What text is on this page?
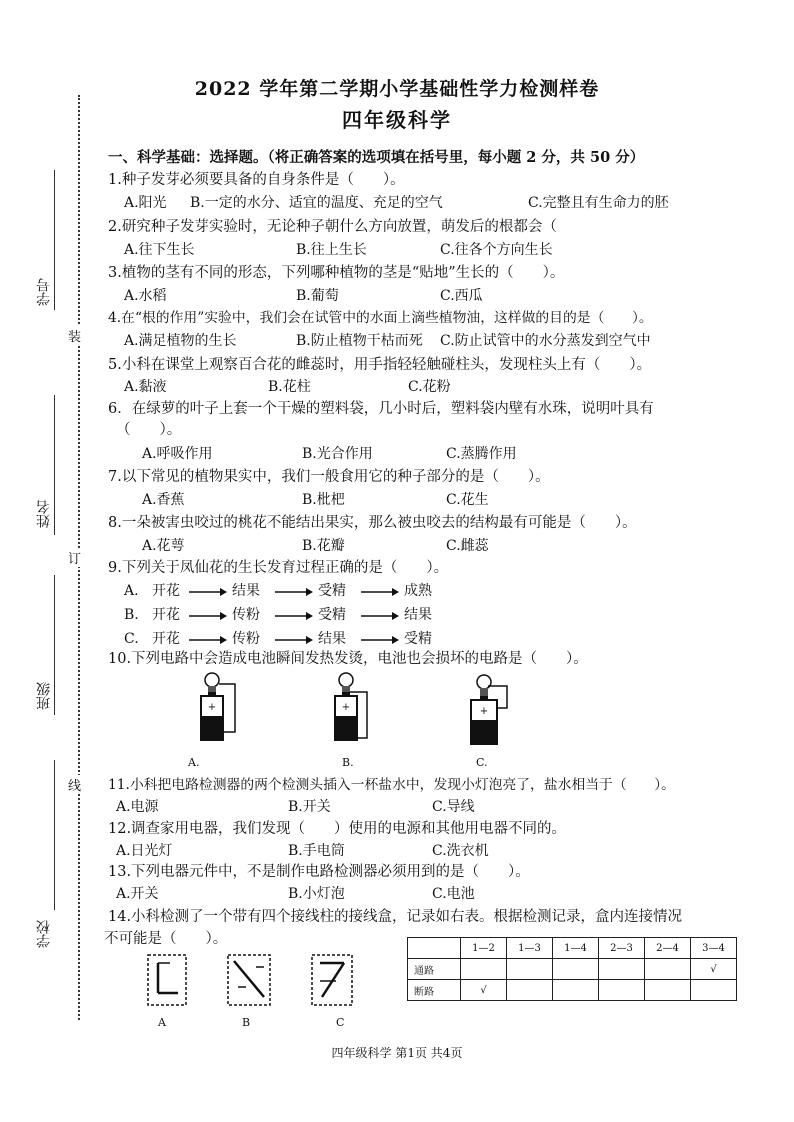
装
订
线
学号
姓名
班级
学校
2022 学年第二学期小学基础性学力检测样卷
四年级科学
一、科学基础：选择题。（将正确答案的选项填在括号里，每小题 2 分，共 50 分）
1.种子发芽必须要具备的自身条件是（　　）。
A.阳光 B.一定的水分、适宜的温度、充足的空气	C.完整且有生命力的胚
2.研究种子发芽实验时，无论种子朝什么方向放置，萌发后的根都会（
A.往下生长	B.往上生长	C.往各个方向生长
3.植物的茎有不同的形态，下列哪种植物的茎是“贴地”生长的（　　）。
A.水稻	B.葡萄	C.西瓜
4.在“根的作用”实验中，我们会在试管中的水面上滴些植物油，这样做的目的是（　　）。
A.满足植物的生长	B.防止植物干枯而死 C.防止试管中的水分蒸发到空气中
5.小科在课堂上观察百合花的雌蕊时，用手指轻轻触碰柱头，发现柱头上有（　　）。
A.黏液	B.花柱	C.花粉
6．在绿萝的叶子上套一个干燥的塑料袋，几小时后，塑料袋内壁有水珠，说明叶具有
（　　）。
A.呼吸作用	B.光合作用	C.蒸腾作用
7.以下常见的植物果实中，我们一般食用它的种子部分的是（　　）。
A.香蕉	B.枇杷	C.花生
8.一朵被害虫咬过的桃花不能结出果实，那么被虫咬去的结构最有可能是（　　）。
A.花萼	B.花瓣	C.雌蕊
9.下列关于凤仙花的生长发育过程正确的是（　　）。
A. 开花	结果	受精	成熟
B. 开花	传粉	受精	结果
C. 开花	传粉	结果	受精
10.下列电路中会造成电池瞬间发热发烫，电池也会损坏的电路是（　　）。
+	+	+
A.	B.	C.
11.小科把电路检测器的两个检测头插入一杯盐水中，发现小灯泡亮了，盐水相当于（　　）。
A.电源	B.开关	C.导线
12.调查家用电器，我们发现（　　）使用的电源和其他用电器不同的。
A.日光灯	B.手电筒	C.洗衣机
13.下列电器元件中，不是制作电路检测器必须用到的是（　　）。
A.开关	B.小灯泡	C.电池
14.小科检测了一个带有四个接线柱的接线盒，记录如右表。根据检测记录，盒内连接情况
不可能是（　　）。
A	B	C
	1—2	1—3	1—4	2—3	2—4	3—4
通路						√
断路	√					
四年级科学 第1页 共4页
